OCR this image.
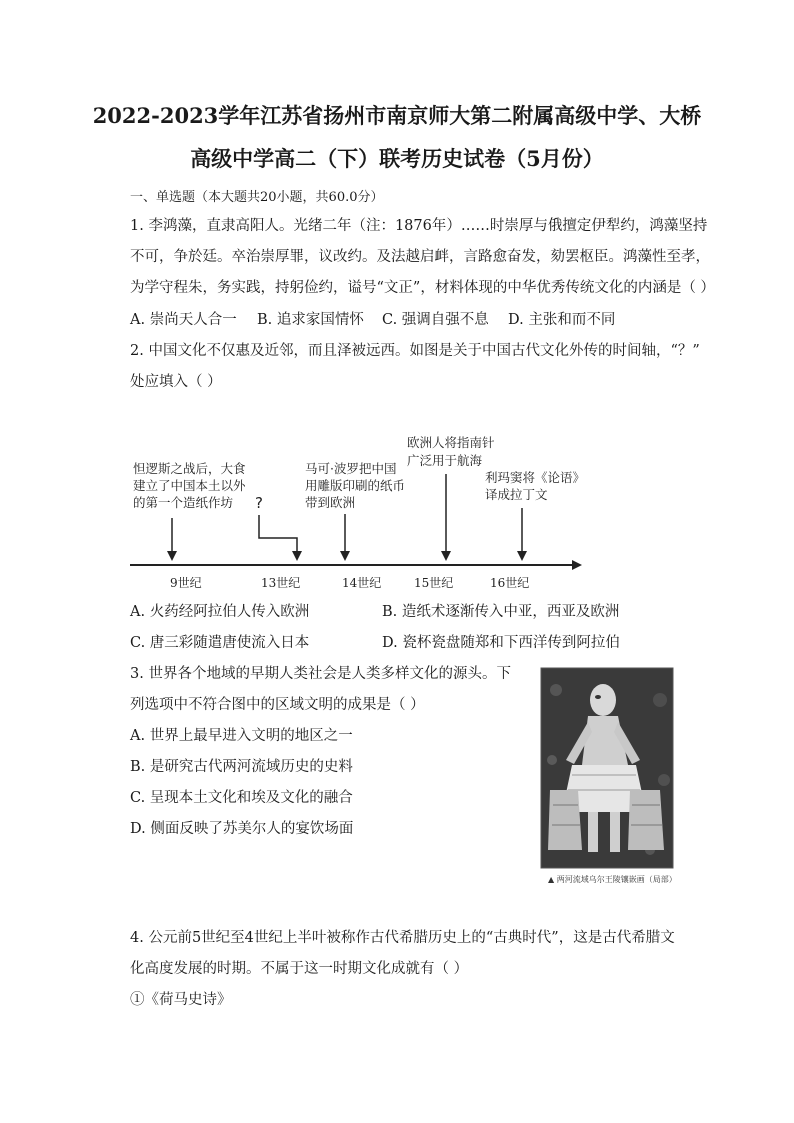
2022-2023学年江苏省扬州市南京师大第二附属高级中学、大桥
高级中学高二（下）联考历史试卷（5月份）
一、单选题（本大题共20小题，共60.0分）
1. 李鸿藻，直隶高阳人。光绪二年（注：1876年）……时崇厚与俄擅定伊犁约，鸿藻坚持
不可，争於廷。卒治崇厚罪，议改约。及法越启衅，言路愈奋发，劾罢枢臣。鸿藻性至孝，
为学守程朱，务实践，持躬俭约，谥号“文正”，材料体现的中华优秀传统文化的内涵是（ ）
A. 崇尚天人合一 B. 追求家国情怀 C. 强调自强不息 D. 主张和而不同
2. 中国文化不仅惠及近邻，而且泽被远西。如图是关于中国古代文化外传的时间轴，“？”
处应填入（ ）
9世纪	13世纪	14世纪	15世纪	16世纪
怛逻斯之战后，大食
建立了中国本土以外
的第一个造纸作坊 ?
马可·波罗把中国
用雕版印刷的纸币
带到欧洲
欧洲人将指南针
广泛用于航海
利玛窦将《论语》
译成拉丁文
▲ 两河流域乌尔王陵镶嵌画（局部）
A. 火药经阿拉伯人传入欧洲	B. 造纸术逐渐传入中亚，西亚及欧洲
C. 唐三彩随遣唐使流入日本	D. 瓷杯瓷盘随郑和下西洋传到阿拉伯
3. 世界各个地域的早期人类社会是人类多样文化的源头。下
列选项中不符合图中的区域文明的成果是（ ）
A. 世界上最早进入文明的地区之一
B. 是研究古代两河流域历史的史料
C. 呈现本土文化和埃及文化的融合
D. 侧面反映了苏美尔人的宴饮场面
4. 公元前5世纪至4世纪上半叶被称作古代希腊历史上的“古典时代”，这是古代希腊文
化高度发展的时期。不属于这一时期文化成就有（ ）
①《荷马史诗》
